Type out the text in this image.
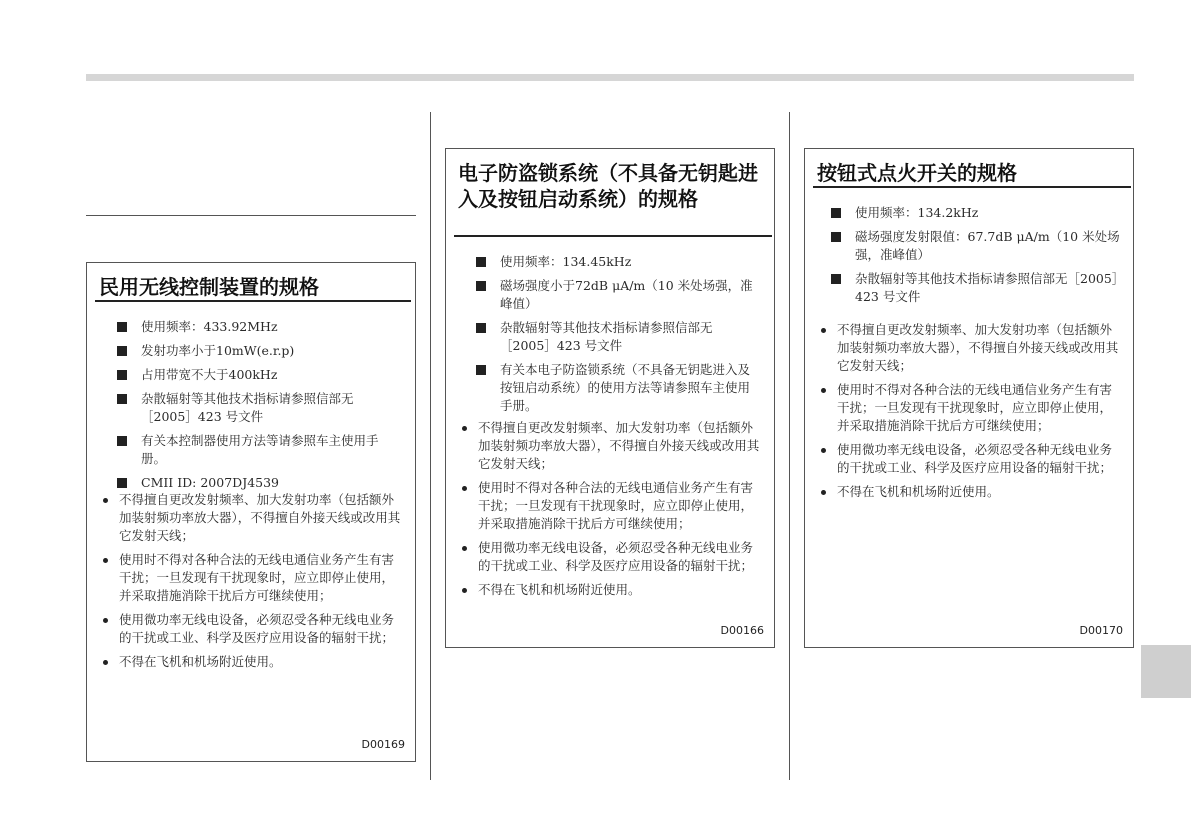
民用无线控制装置的规格
使用频率：433.92MHz
发射功率小于10mW(e.r.p)
占用带宽不大于400kHz
杂散辐射等其他技术指标请参照信部无［2005］423 号文件
有关本控制器使用方法等请参照车主使用手册。
CMII ID: 2007DJ4539
不得擅自更改发射频率、加大发射功率（包括额外加装射频功率放大器），不得擅自外接天线或改用其它发射天线；
使用时不得对各种合法的无线电通信业务产生有害干扰；一旦发现有干扰现象时，应立即停止使用，并采取措施消除干扰后方可继续使用；
使用微功率无线电设备，必须忍受各种无线电业务的干扰或工业、科学及医疗应用设备的辐射干扰；
不得在飞机和机场附近使用。
D00169
电子防盗锁系统（不具备无钥匙进入及按钮启动系统）的规格
使用频率：134.45kHz
磁场强度小于72dB μA/m（10 米处场强，准峰值）
杂散辐射等其他技术指标请参照信部无［2005］423 号文件
有关本电子防盗锁系统（不具备无钥匙进入及按钮启动系统）的使用方法等请参照车主使用手册。
不得擅自更改发射频率、加大发射功率（包括额外加装射频功率放大器），不得擅自外接天线或改用其它发射天线；
使用时不得对各种合法的无线电通信业务产生有害干扰；一旦发现有干扰现象时，应立即停止使用，并采取措施消除干扰后方可继续使用；
使用微功率无线电设备，必须忍受各种无线电业务的干扰或工业、科学及医疗应用设备的辐射干扰；
不得在飞机和机场附近使用。
D00166
按钮式点火开关的规格
使用频率：134.2kHz
磁场强度发射限值：67.7dB μA/m（10 米处场强，准峰值）
杂散辐射等其他技术指标请参照信部无［2005］423 号文件
不得擅自更改发射频率、加大发射功率（包括额外加装射频功率放大器），不得擅自外接天线或改用其它发射天线；
使用时不得对各种合法的无线电通信业务产生有害干扰；一旦发现有干扰现象时，应立即停止使用，并采取措施消除干扰后方可继续使用；
使用微功率无线电设备，必须忍受各种无线电业务的干扰或工业、科学及医疗应用设备的辐射干扰；
不得在飞机和机场附近使用。
D00170
